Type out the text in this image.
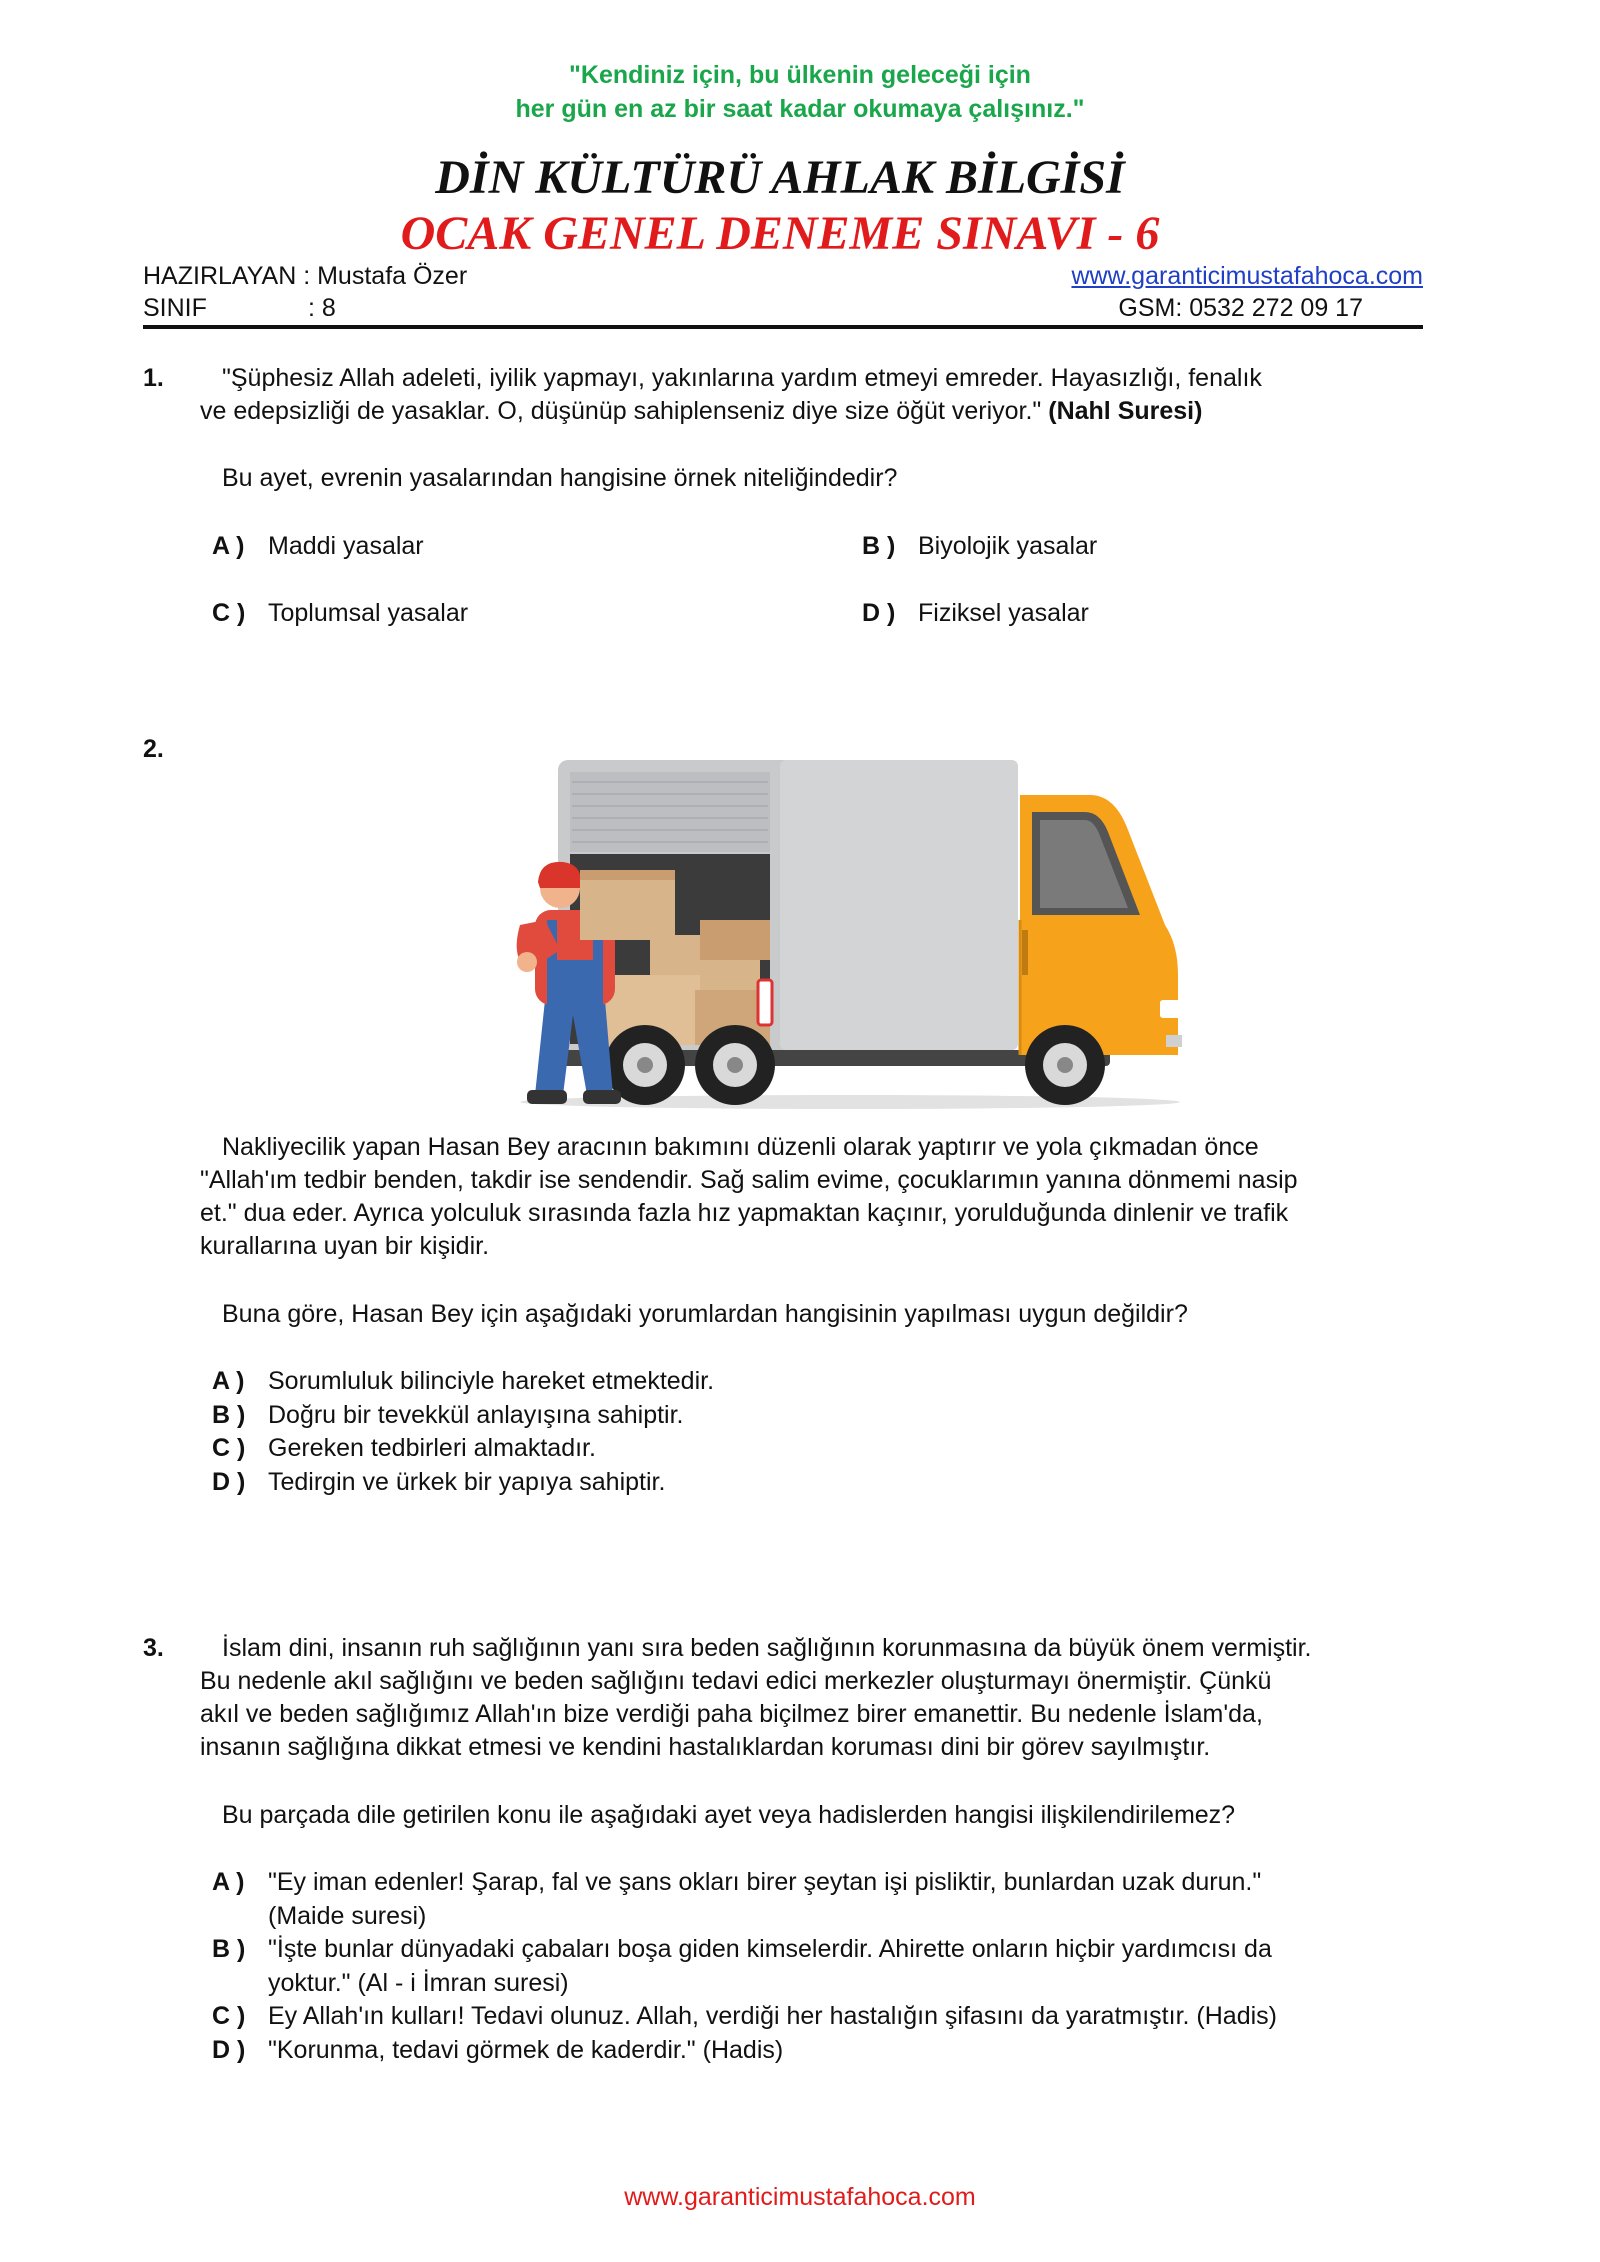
"Kendiniz için, bu ülkenin geleceği için
her gün en az bir saat kadar okumaya çalışınız."
DİN KÜLTÜRÜ AHLAK BİLGİSİ
OCAK GENEL DENEME SINAVI - 6
HAZIRLAYAN : Mustafa Özer	www.garanticimustafahoca.com
SINIF	: 8	GSM: 0532 272 09 17
1. "Şüphesiz Allah adeleti, iyilik yapmayı, yakınlarına yardım etmeyi emreder. Hayasızlığı, fenalık
ve edepsizliği de yasaklar. O, düşünüp sahiplenseniz diye size öğüt veriyor." (Nahl Suresi)
Bu ayet, evrenin yasalarından hangisine örnek niteliğindedir?
A ) Maddi yasalar	B ) Biyolojik yasalar
C ) Toplumsal yasalar	D ) Fiziksel yasalar
2.
Nakliyecilik yapan Hasan Bey aracının bakımını düzenli olarak yaptırır ve yola çıkmadan önce
"Allah'ım tedbir benden, takdir ise sendendir. Sağ salim evime, çocuklarımın yanına dönmemi nasip
et." dua eder. Ayrıca yolculuk sırasında fazla hız yapmaktan kaçınır, yorulduğunda dinlenir ve trafik
kurallarına uyan bir kişidir.
Buna göre, Hasan Bey için aşağıdaki yorumlardan hangisinin yapılması uygun değildir?
A ) Sorumluluk bilinciyle hareket etmektedir.
B ) Doğru bir tevekkül anlayışına sahiptir.
C ) Gereken tedbirleri almaktadır.
D ) Tedirgin ve ürkek bir yapıya sahiptir.
3. İslam dini, insanın ruh sağlığının yanı sıra beden sağlığının korunmasına da büyük önem vermiştir.
Bu nedenle akıl sağlığını ve beden sağlığını tedavi edici merkezler oluşturmayı önermiştir. Çünkü
akıl ve beden sağlığımız Allah'ın bize verdiği paha biçilmez birer emanettir. Bu nedenle İslam'da,
insanın sağlığına dikkat etmesi ve kendini hastalıklardan koruması dini bir görev sayılmıştır.
Bu parçada dile getirilen konu ile aşağıdaki ayet veya hadislerden hangisi ilişkilendirilemez?
A ) "Ey iman edenler! Şarap, fal ve şans okları birer şeytan işi pisliktir, bunlardan uzak durun."
(Maide suresi)
B ) "İşte bunlar dünyadaki çabaları boşa giden kimselerdir. Ahirette onların hiçbir yardımcısı da
yoktur." (Al - i İmran suresi)
C ) Ey Allah'ın kulları! Tedavi olunuz. Allah, verdiği her hastalığın şifasını da yaratmıştır. (Hadis)
D ) "Korunma, tedavi görmek de kaderdir." (Hadis)
www.garanticimustafahoca.com
